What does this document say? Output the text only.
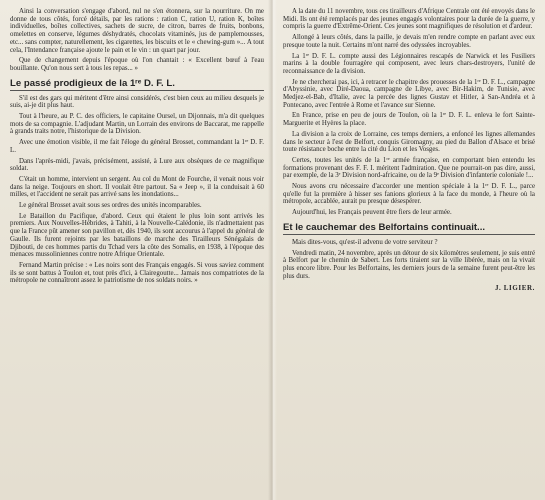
Ainsi la conversation s'engage d'abord, nul ne s'en étonnera, sur la nourriture. On me donne de tous côtés, forcé détails, par les rations : ration C, ration U, ration K, boîtes individuelles, boîtes collectives, sachets de sucre, de citron, barres de fruits, bonbons, omelettes en conserve, légumes déshydratés, chocolats vitaminés, jus de pamplemousses, etc... sans compter, naturellement, les cigarettes, les biscuits et le « chewing-gum »... A tout cela, l'Intendance française ajoute le pain et le vin : un quart par jour.

Que de changement depuis l'époque où l'on chantait : « Excellent bœuf à l'eau bouillante. Qu'on nous sert à tous les repas... »

Le passé prodigieux de la 1ʳᵉ D. F. L.

S'il est des gars qui méritent d'être ainsi considérés, c'est bien ceux au milieu desquels je suis, ai-je dit plus haut.

Tout à l'heure, au P. C. des officiers, le capitaine Oursel, un Dijonnais, m'a dit quelques mots de sa compagnie. L'adjudant Martin, un Lorrain des environs de Baccarat, me rappelle à grands traits notre, l'historique de la Division.

Avec une émotion visible, il me fait l'éloge du général Brosset, commandant la 1ʳᵉ D. F. L.

Dans l'après-midi, j'avais, précisément, assisté, à Lure aux obsèques de ce magnifique soldat.

C'était un homme, intervient un sergent. Au col du Mont de Fourche, il venait nous voir dans la neige. Toujours en short. Il voulait être partout. Sa « Jeep », il la conduisait à 60 milles, et l'accident ne serait pas arrivé sans les inondations...

Le général Brosset avait sous ses ordres des unités incomparables.

Le Bataillon du Pacifique, d'abord. Ceux qui étaient le plus loin sont arrivés les premiers. Aux Nouvelles-Hébrides, à Tahiti, à la Nouvelle-Calédonie, ils n'admettaient pas que la France pût amener son pavillon et, dès 1940, ils sont accourus à l'appel du général de Gaulle. Ils furent rejoints par les bataillons de marche des Tirailleurs Sénégalais de Djibouti, de ces hommes partis du Tchad vers la côte des Somalis, en 1938, à l'époque des menaces mussoliniennes contre notre Afrique Orientale.

Fernand Martin précise : « Les noirs sont des Français engagés. Si vous saviez comment ils se sont battus à Toulon et, tout près d'ici, à Clairegoutte... Jamais nos compatriotes de la métropole ne connaîtront assez le patriotisme de nos soldats noirs. »

A la date du 11 novembre, tous ces tirailleurs d'Afrique Centrale ont été envoyés dans le Midi. Ils ont été remplacés par des jeunes engagés volontaires pour la durée de la guerre, y compris la guerre d'Extrême-Orient. Ces jeunes sont magnifiques de résolution et d'ardeur.

Allongé à leurs côtés, dans la paille, je devais m'en rendre compte en parlant avec eux presque toute la nuit. Certains m'ont narré des odyssées incroyables.

La 1ʳᵉ D. F. L. compte aussi des Légionnaires rescapés de Narwick et les Fusiliers marins à la double fourragère qui composent, avec leurs chars-destroyers, l'unité de reconnaissance de la division.

Je ne chercherai pas, ici, à retracer le chapitre des prouesses de la 1ʳᵉ D. F. L., campagne d'Abyssinie, avec Diré-Daoua, campagne de Libye, avec Bir-Hakim, de Tunisie, avec Medjez-el-Bab, d'Italie, avec la percée des lignes Gustav et Hitler, à San-Andréa et à Pontecano, avec l'entrée à Rome et l'avance sur Sienne.

En France, prise en peu de jours de Toulon, où la 1ʳᵉ D. F. L. enleva le fort Sainte-Marguerite et Hyères la place.

La division a la croix de Lorraine, ces temps derniers, a enfoncé les lignes allemandes dans le secteur à l'est de Belfort, conquis Giromagny, au pied du Ballon d'Alsace et brisé toute résistance boche entre la cité du Lion et les Vosges.

Certes, toutes les unités de la 1ʳᵉ armée française, en comportant bien entendu les formations provenant des F. F. I. méritent l'admiration. Que ne pourrait-on pas dire, aussi, par exemple, de la 3ᵉ Division nord-africaine, ou de la 9ᵉ Division d'infanterie coloniale !...

Nous avons cru nécessaire d'accorder une mention spéciale à la 1ʳᵉ D. F. L., parce qu'elle fut la première à hisser ses fanions glorieux à la face du monde, à l'heure où la métropole, accablée, aurait pu presque désespérer.

Aujourd'hui, les Français peuvent être fiers de leur armée.

Et le cauchemar des Belfortains continuait...

Mais dites-vous, qu'est-il advenu de votre serviteur ?

Vendredi matin, 24 novembre, après un détour de six kilomètres seulement, je suis entré à Belfort par le chemin de Sabert. Les forts tiraient sur la ville libérée, mais on la vivait plus encore libre. Pour les Belfortains, les derniers jours de la semaine furent peut-être les plus durs.

J. LIGIER.
